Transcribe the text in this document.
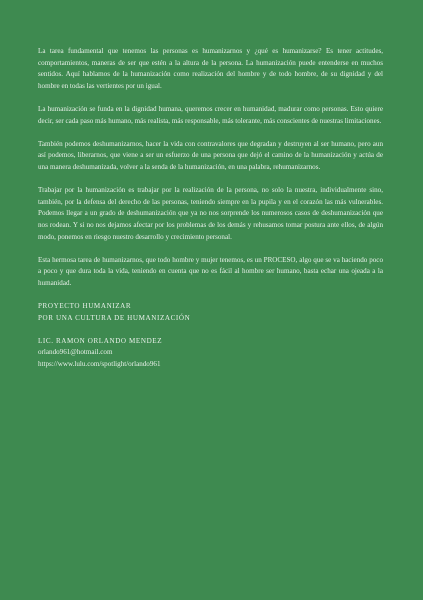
La tarea fundamental que tenemos las personas es humanizarnos y ¿qué es humanizarse? Es tener actitudes, comportamientos, maneras de ser que estén a la altura de la persona. La humanización puede entenderse en muchos sentidos. Aquí hablamos de la humanización como realización del hombre y de todo hombre, de su dignidad y del hombre en todas las vertientes por un igual.

La humanización se funda en la dignidad humana, queremos crecer en humanidad, madurar como personas. Esto quiere decir, ser cada paso más humano, más realista, más responsable, más tolerante, más conscientes de nuestras limitaciones.

También podemos deshumanizarnos, hacer la vida con contravalores que degradan y destruyen al ser humano, pero aun así podemos, liberarnos, que viene a ser un esfuerzo de una persona que dejó el camino de la humanización y actúa de una manera deshumanizada, volver a la senda de la humanización, en una palabra, rehumanizarnos.

Trabajar por la humanización es trabajar por la realización de la persona, no solo la nuestra, individualmente sino, también, por la defensa del derecho de las personas, teniendo siempre en la pupila y en el corazón las más vulnerables. Podemos llegar a un grado de deshumanización que ya no nos sorprende los numerosos casos de deshumanización que nos rodean. Y si no nos dejamos afectar por los problemas de los demás y rehusamos tomar postura ante ellos, de algún modo, ponemos en riesgo nuestro desarrollo y crecimiento personal.

Esta hermosa tarea de humanizarnos, que todo hombre y mujer tenemos, es un PROCESO, algo que se va haciendo poco a poco y que dura toda la vida, teniendo en cuenta que no es fácil al hombre ser humano, basta echar una ojeada a la humanidad.

PROYECTO HUMANIZAR

POR UNA CULTURA DE HUMANIZACIÓN

LIC. RAMON ORLANDO MENDEZ

orlando961@hotmail.com

https://www.lulu.com/spotlight/orlando961
